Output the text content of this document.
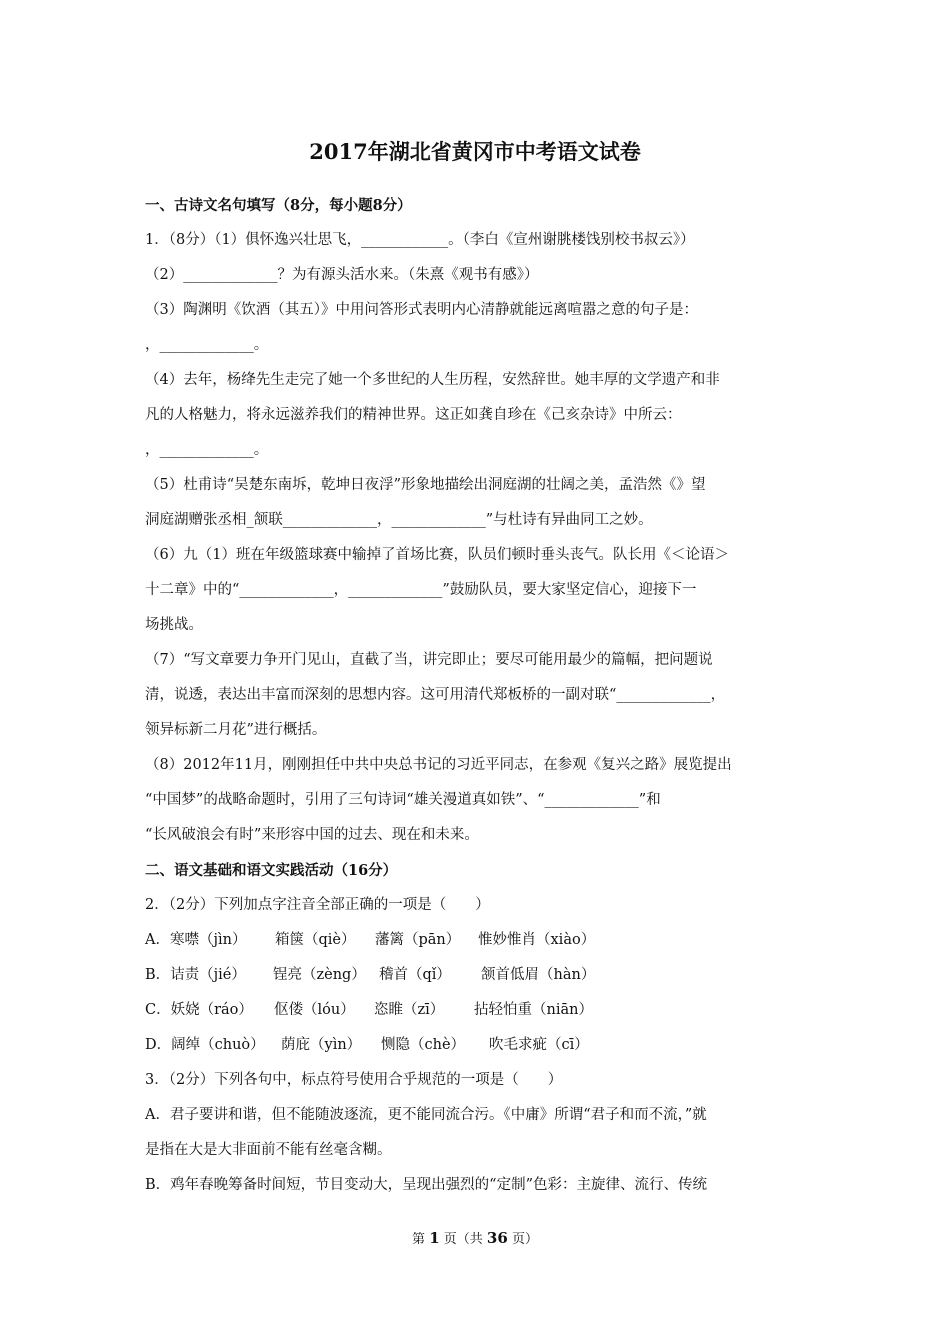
2017年湖北省黄冈市中考语文试卷
一、古诗文名句填写（8分，每小题8分）
1．（8分）（1）俱怀逸兴壮思飞，____________。（李白《宣州谢朓楼饯别校书叔云》）
（2）_____________？为有源头活水来。（朱熹《观书有感》）
（3）陶渊明《饮酒（其五）》中用问答形式表明内心清静就能远离喧嚣之意的句子是：
，_____________。
（4）去年，杨绛先生走完了她一个多世纪的人生历程，安然辞世。她丰厚的文学遗产和非
凡的人格魅力，将永远滋养我们的精神世界。这正如龚自珍在《己亥杂诗》中所云：
，_____________。
（5）杜甫诗“吴楚东南坼，乾坤日夜浮”形象地描绘出洞庭湖的壮阔之美，孟浩然《》望
洞庭湖赠张丞相_颔联_____________，_____________”与杜诗有异曲同工之妙。
（6）九（1）班在年级篮球赛中输掉了首场比赛，队员们顿时垂头丧气。队长用《＜论语＞
十二章》中的“_____________，_____________”鼓励队员，要大家坚定信心，迎接下一
场挑战。
（7）“写文章要力争开门见山，直截了当，讲完即止；要尽可能用最少的篇幅，把问题说
清，说透，表达出丰富而深刻的思想内容。这可用清代郑板桥的一副对联“_____________，
领异标新二月花”进行概括。
（8）2012年11月，刚刚担任中共中央总书记的习近平同志，在参观《复兴之路》展览提出
“中国梦”的战略命题时，引用了三句诗词“雄关漫道真如铁”、“_____________”和
“长风破浪会有时”来形容中国的过去、现在和未来。
二、语文基础和语文实践活动（16分）
2．（2分）下列加点字注音全部正确的一项是（　　）
A．寒噤（jìn） 箱箧（qiè） 藩篱（pān） 惟妙惟肖（xiào）
B．诘责（jié） 锃亮（zèng） 稽首（qǐ） 颔首低眉（hàn）
C．妖娆（ráo） 伛偻（lóu） 恣睢（zī） 拈轻怕重（niān）
D．阔绰（chuò） 荫庇（yìn） 恻隐（chè） 吹毛求疵（cī）
3．（2分）下列各句中，标点符号使用合乎规范的一项是（　　）
A．君子要讲和谐，但不能随波逐流，更不能同流合污。《中庸》所谓“君子和而不流，”就
是指在大是大非面前不能有丝毫含糊。
B．鸡年春晚筹备时间短，节目变动大，呈现出强烈的“定制”色彩：主旋律、流行、传统
第 1 页（共 36 页）
